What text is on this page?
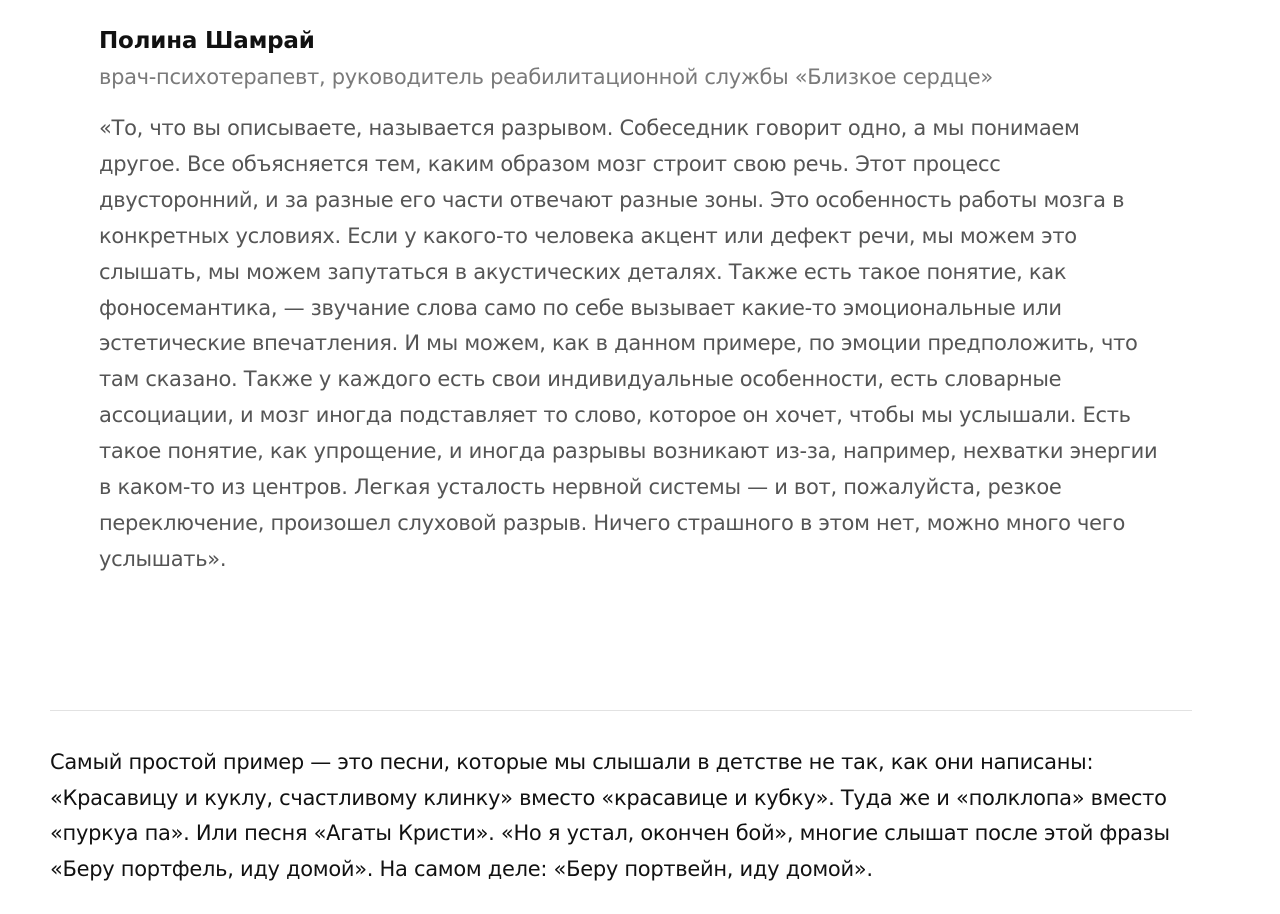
Полина Шамрай
врач-психотерапевт, руководитель реабилитационной службы «Близкое сердце»
«То, что вы описываете, называется разрывом. Собеседник говорит одно, а мы понимаем другое. Все объясняется тем, каким образом мозг строит свою речь. Этот процесс двусторонний, и за разные его части отвечают разные зоны. Это особенность работы мозга в конкретных условиях. Если у какого-то человека акцент или дефект речи, мы можем это слышать, мы можем запутаться в акустических деталях. Также есть такое понятие, как фоносемантика, — звучание слова само по себе вызывает какие-то эмоциональные или эстетические впечатления. И мы можем, как в данном примере, по эмоции предположить, что там сказано. Также у каждого есть свои индивидуальные особенности, есть словарные ассоциации, и мозг иногда подставляет то слово, которое он хочет, чтобы мы услышали. Есть такое понятие, как упрощение, и иногда разрывы возникают из-за, например, нехватки энергии в каком-то из центров. Легкая усталость нервной системы — и вот, пожалуйста, резкое переключение, произошел слуховой разрыв. Ничего страшного в этом нет, можно много чего услышать».

Самый простой пример — это песни, которые мы слышали в детстве не так, как они написаны: «Красавицу и куклу, счастливому клинку» вместо «красавице и кубку». Туда же и «полклопа» вместо «пуркуа па». Или песня «Агаты Кристи». «Но я устал, окончен бой», многие слышат после этой фразы «Беру портфель, иду домой». На самом деле: «Беру портвейн, иду домой».
